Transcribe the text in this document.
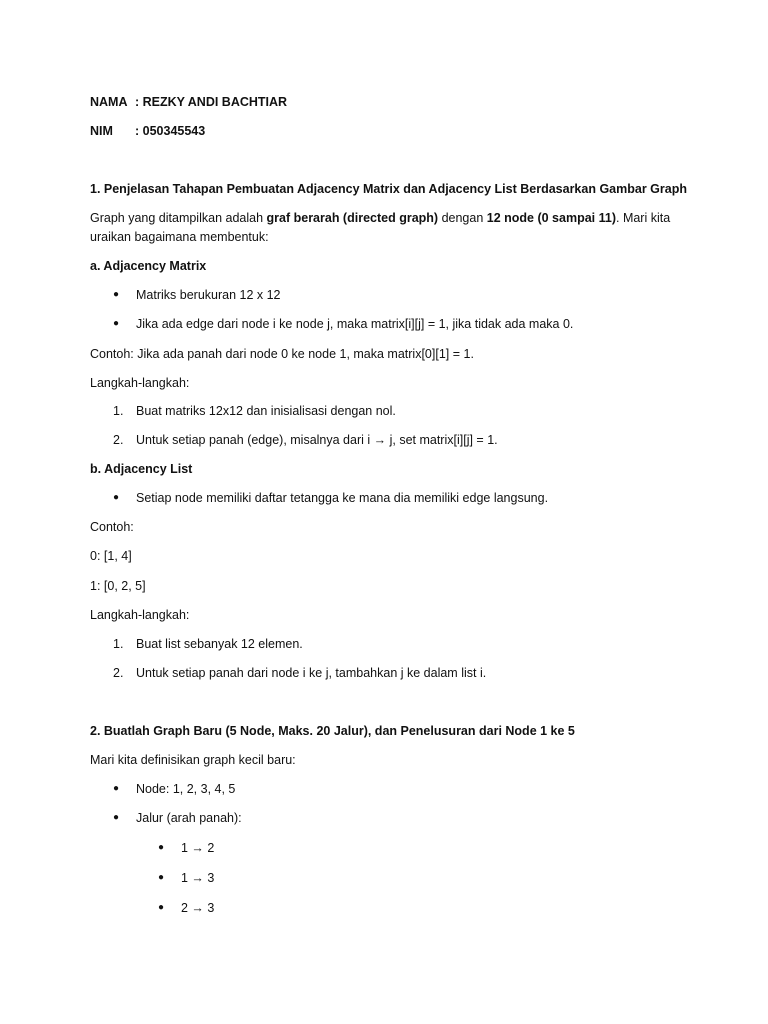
NAMA : REZKY ANDI BACHTIAR
NIM : 050345543
1. Penjelasan Tahapan Pembuatan Adjacency Matrix dan Adjacency List Berdasarkan Gambar Graph
Graph yang ditampilkan adalah graf berarah (directed graph) dengan 12 node (0 sampai 11). Mari kita
uraikan bagaimana membentuk:
a. Adjacency Matrix
● Matriks berukuran 12 x 12
● Jika ada edge dari node i ke node j, maka matrix[i][j] = 1, jika tidak ada maka 0.
Contoh: Jika ada panah dari node 0 ke node 1, maka matrix[0][1] = 1.
Langkah-langkah:
1. Buat matriks 12x12 dan inisialisasi dengan nol.
2. Untuk setiap panah (edge), misalnya dari i → j, set matrix[i][j] = 1.
b. Adjacency List
● Setiap node memiliki daftar tetangga ke mana dia memiliki edge langsung.
Contoh:
0: [1, 4]
1: [0, 2, 5]
Langkah-langkah:
1. Buat list sebanyak 12 elemen.
2. Untuk setiap panah dari node i ke j, tambahkan j ke dalam list i.
2. Buatlah Graph Baru (5 Node, Maks. 20 Jalur), dan Penelusuran dari Node 1 ke 5
Mari kita definisikan graph kecil baru:
● Node: 1, 2, 3, 4, 5
● Jalur (arah panah):
● 1 → 2
● 1 → 3
● 2 → 3
